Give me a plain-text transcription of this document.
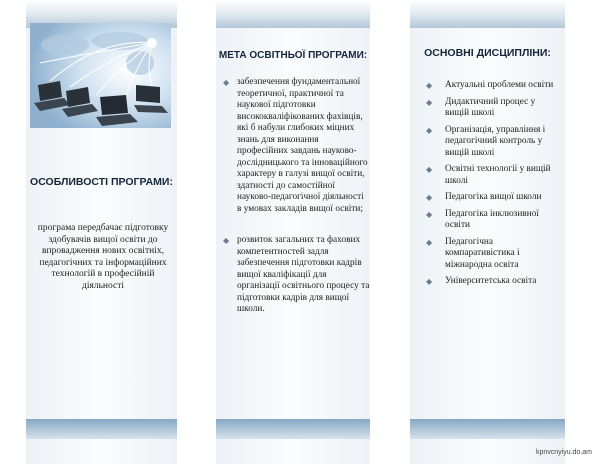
ОСОБЛИВОСТІ ПРОГРАМИ:

програма передбачає підготовку здобувачів вищої освіти до впровадження нових освітніх, педагогічних та інформаційних технологій в професійній діяльності

МЕТА ОСВІТНЬОЇ ПРОГРАМИ:
◆ забезпечення фундаментальної теоретичної, практичної та наукової підготовки висококваліфікованих фахівців, які б набули глибоких міцних знань для виконання професійних завдань науково-дослідницького та інноваційного характеру в галузі вищої освіти, здатності до самостійної науково-педагогічної діяльності в умовах закладів вищої освіти;
◆ розвиток загальних та фахових компетентностей задля забезпечення підготовки кадрів вищої кваліфікації для організації освітнього процесу та підготовки кадрів для вищої школи.
ОСНОВНІ ДИСЦИПЛІНИ:
◆ Актуальні проблеми освіти
◆ Дидактичний процес у вищій школі
◆ Організація, управління і педагогічний контроль у вищій школі
◆ Освітні технології у вищій школі
◆ Педагогіка вищої школи
◆ Педагогіка інклюзивної освіти
◆ Педагогічна компаративістика і міжнародна освіта
◆ Університетська освіта
kpnvcnyiyu.do.am
